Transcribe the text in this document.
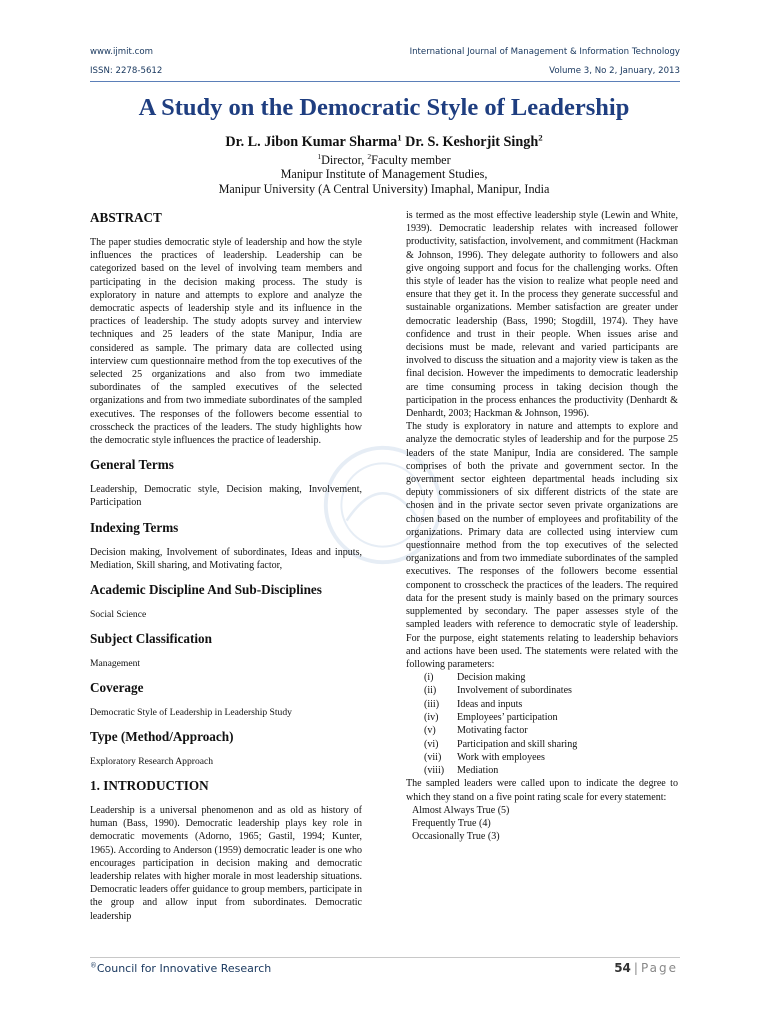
www.ijmit.com	International Journal of Management & Information Technology
ISSN: 2278-5612	Volume 3, No 2, January, 2013
A Study on the Democratic Style of Leadership
Dr. L. Jibon Kumar Sharma$^1$ Dr. S. Keshorjit Singh$^2$
$^1$Director, $^2$Faculty member
Manipur Institute of Management Studies,
Manipur University (A Central University) Imaphal, Manipur, India
ABSTRACT

The paper studies democratic style of leadership and how the style influences the practices of leadership. Leadership can be categorized based on the level of involving team members and participating in the decision making process. The study is exploratory in nature and attempts to explore and analyze the democratic aspects of leadership style and its influence in the practices of leadership. The study adopts survey and interview techniques and 25 leaders of the state Manipur, India are considered as sample. The primary data are collected using interview cum questionnaire method from the top executives of the selected 25 organizations and also from two immediate subordinates of the sampled executives of the selected organizations and from two immediate subordinates of the sampled executives. The responses of the followers become essential to crosscheck the practices of the leaders. The study highlights how the democratic style influences the practice of leadership.

General Terms

Leadership, Democratic style, Decision making, Involvement, Participation

Indexing Terms

Decision making, Involvement of subordinates, Ideas and inputs, Mediation, Skill sharing, and Motivating factor,

Academic Discipline And Sub-Disciplines

Social Science

Subject Classification

Management

Coverage

Democratic Style of Leadership in Leadership Study

Type (Method/Approach)

Exploratory Research Approach

1. INTRODUCTION

Leadership is a universal phenomenon and as old as history of human (Bass, 1990). Democratic leadership plays key role in democratic movements (Adorno, 1965; Gastil, 1994; Kunter, 1965). According to Anderson (1959) democratic leader is one who encourages participation in decision making and democratic leadership relates with higher morale in most leadership situations. Democratic leaders offer guidance to group members, participate in the group and allow input from subordinates. Democratic leadership

is termed as the most effective leadership style (Lewin and White, 1939). Democratic leadership relates with increased follower productivity, satisfaction, involvement, and commitment (Hackman & Johnson, 1996). They delegate authority to followers and also give ongoing support and focus for the challenging works. Often this style of leader has the vision to realize what people need and ensure that they get it. In the process they generate successful and sustainable organizations. Member satisfaction are greater under democratic leadership (Bass, 1990; Stogdill, 1974). They have confidence and trust in their people. When issues arise and decisions must be made, relevant and varied participants are involved to discuss the situation and a majority view is taken as the final decision. However the impediments to democratic leadership are time consuming process in taking decision though the participation in the process enhances the productivity (Denhardt & Denhardt, 2003; Hackman & Johnson, 1996).

The study is exploratory in nature and attempts to explore and analyze the democratic styles of leadership and for the purpose 25 leaders of the state Manipur, India are considered. The sample comprises of both the private and government sector. In the government sector eighteen departmental heads including six deputy commissioners of six different districts of the state are chosen and in the private sector seven private organizations are chosen based on the number of employees and profitability of the organizations. Primary data are collected using interview cum questionnaire method from the top executives of the selected organizations and from two immediate subordinates of the sampled executives. The responses of the followers become essential component to crosscheck the practices of the leaders. The required data for the present study is mainly based on the primary sources supplemented by secondary. The paper assesses style of the sampled leaders with reference to democratic style of leadership. For the purpose, eight statements relating to leadership behaviors and actions have been used. The statements were related with the following parameters:

(i)	Decision making
(ii)	Involvement of subordinates
(iii)	Ideas and inputs
(iv)	Employees’ participation
(v)	Motivating factor
(vi)	Participation and skill sharing
(vii)	Work with employees
(viii)	Mediation

The sampled leaders were called upon to indicate the degree to which they stand on a five point rating scale for every statement:

Almost Always True (5)

Frequently True (4)

Occasionally True (3)

®Council for Innovative Research	54 | Page
